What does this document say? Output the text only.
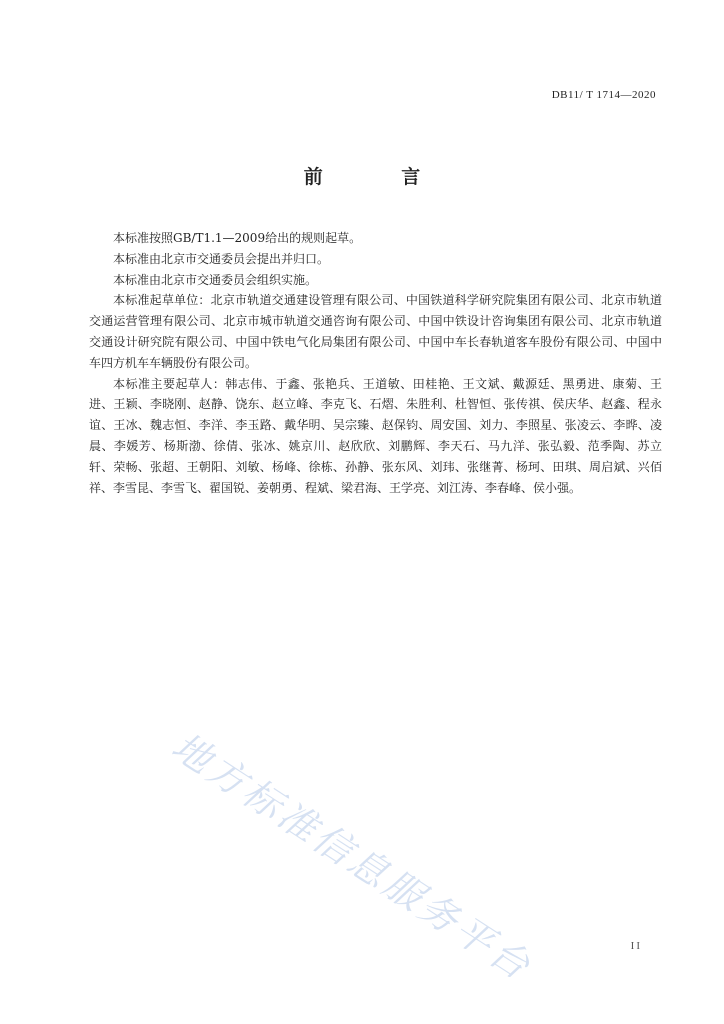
DB11/ T 1714—2020
前 言

本标准按照GB/T1.1—2009给出的规则起草。

本标准由北京市交通委员会提出并归口。

本标准由北京市交通委员会组织实施。

本标准起草单位：北京市轨道交通建设管理有限公司、中国铁道科学研究院集团有限公司、北京市轨道交通运营管理有限公司、北京市城市轨道交通咨询有限公司、中国中铁设计咨询集团有限公司、北京市轨道交通设计研究院有限公司、中国中铁电气化局集团有限公司、中国中车长春轨道客车股份有限公司、中国中车四方机车车辆股份有限公司。

本标准主要起草人：韩志伟、于鑫、张艳兵、王道敏、田桂艳、王文斌、戴源廷、黑勇进、康菊、王进、王颖、李晓刚、赵静、饶东、赵立峰、李克飞、石熠、朱胜利、杜智恒、张传祺、侯庆华、赵鑫、程永谊、王冰、魏志恒、李洋、李玉路、戴华明、吴宗臻、赵保钧、周安国、刘力、李照星、张凌云、李晔、凌晨、李媛芳、杨斯渤、徐倩、张冰、姚京川、赵欣欣、刘鹏辉、李天石、马九洋、张弘毅、范季陶、苏立轩、荣畅、张超、王朝阳、刘敏、杨峰、徐栋、孙静、张东风、刘玮、张继菁、杨珂、田琪、周启斌、兴佰祥、李雪昆、李雪飞、翟国锐、姜朝勇、程斌、梁君海、王学亮、刘江涛、李春峰、侯小强。

地方标准信息服务平台	II
